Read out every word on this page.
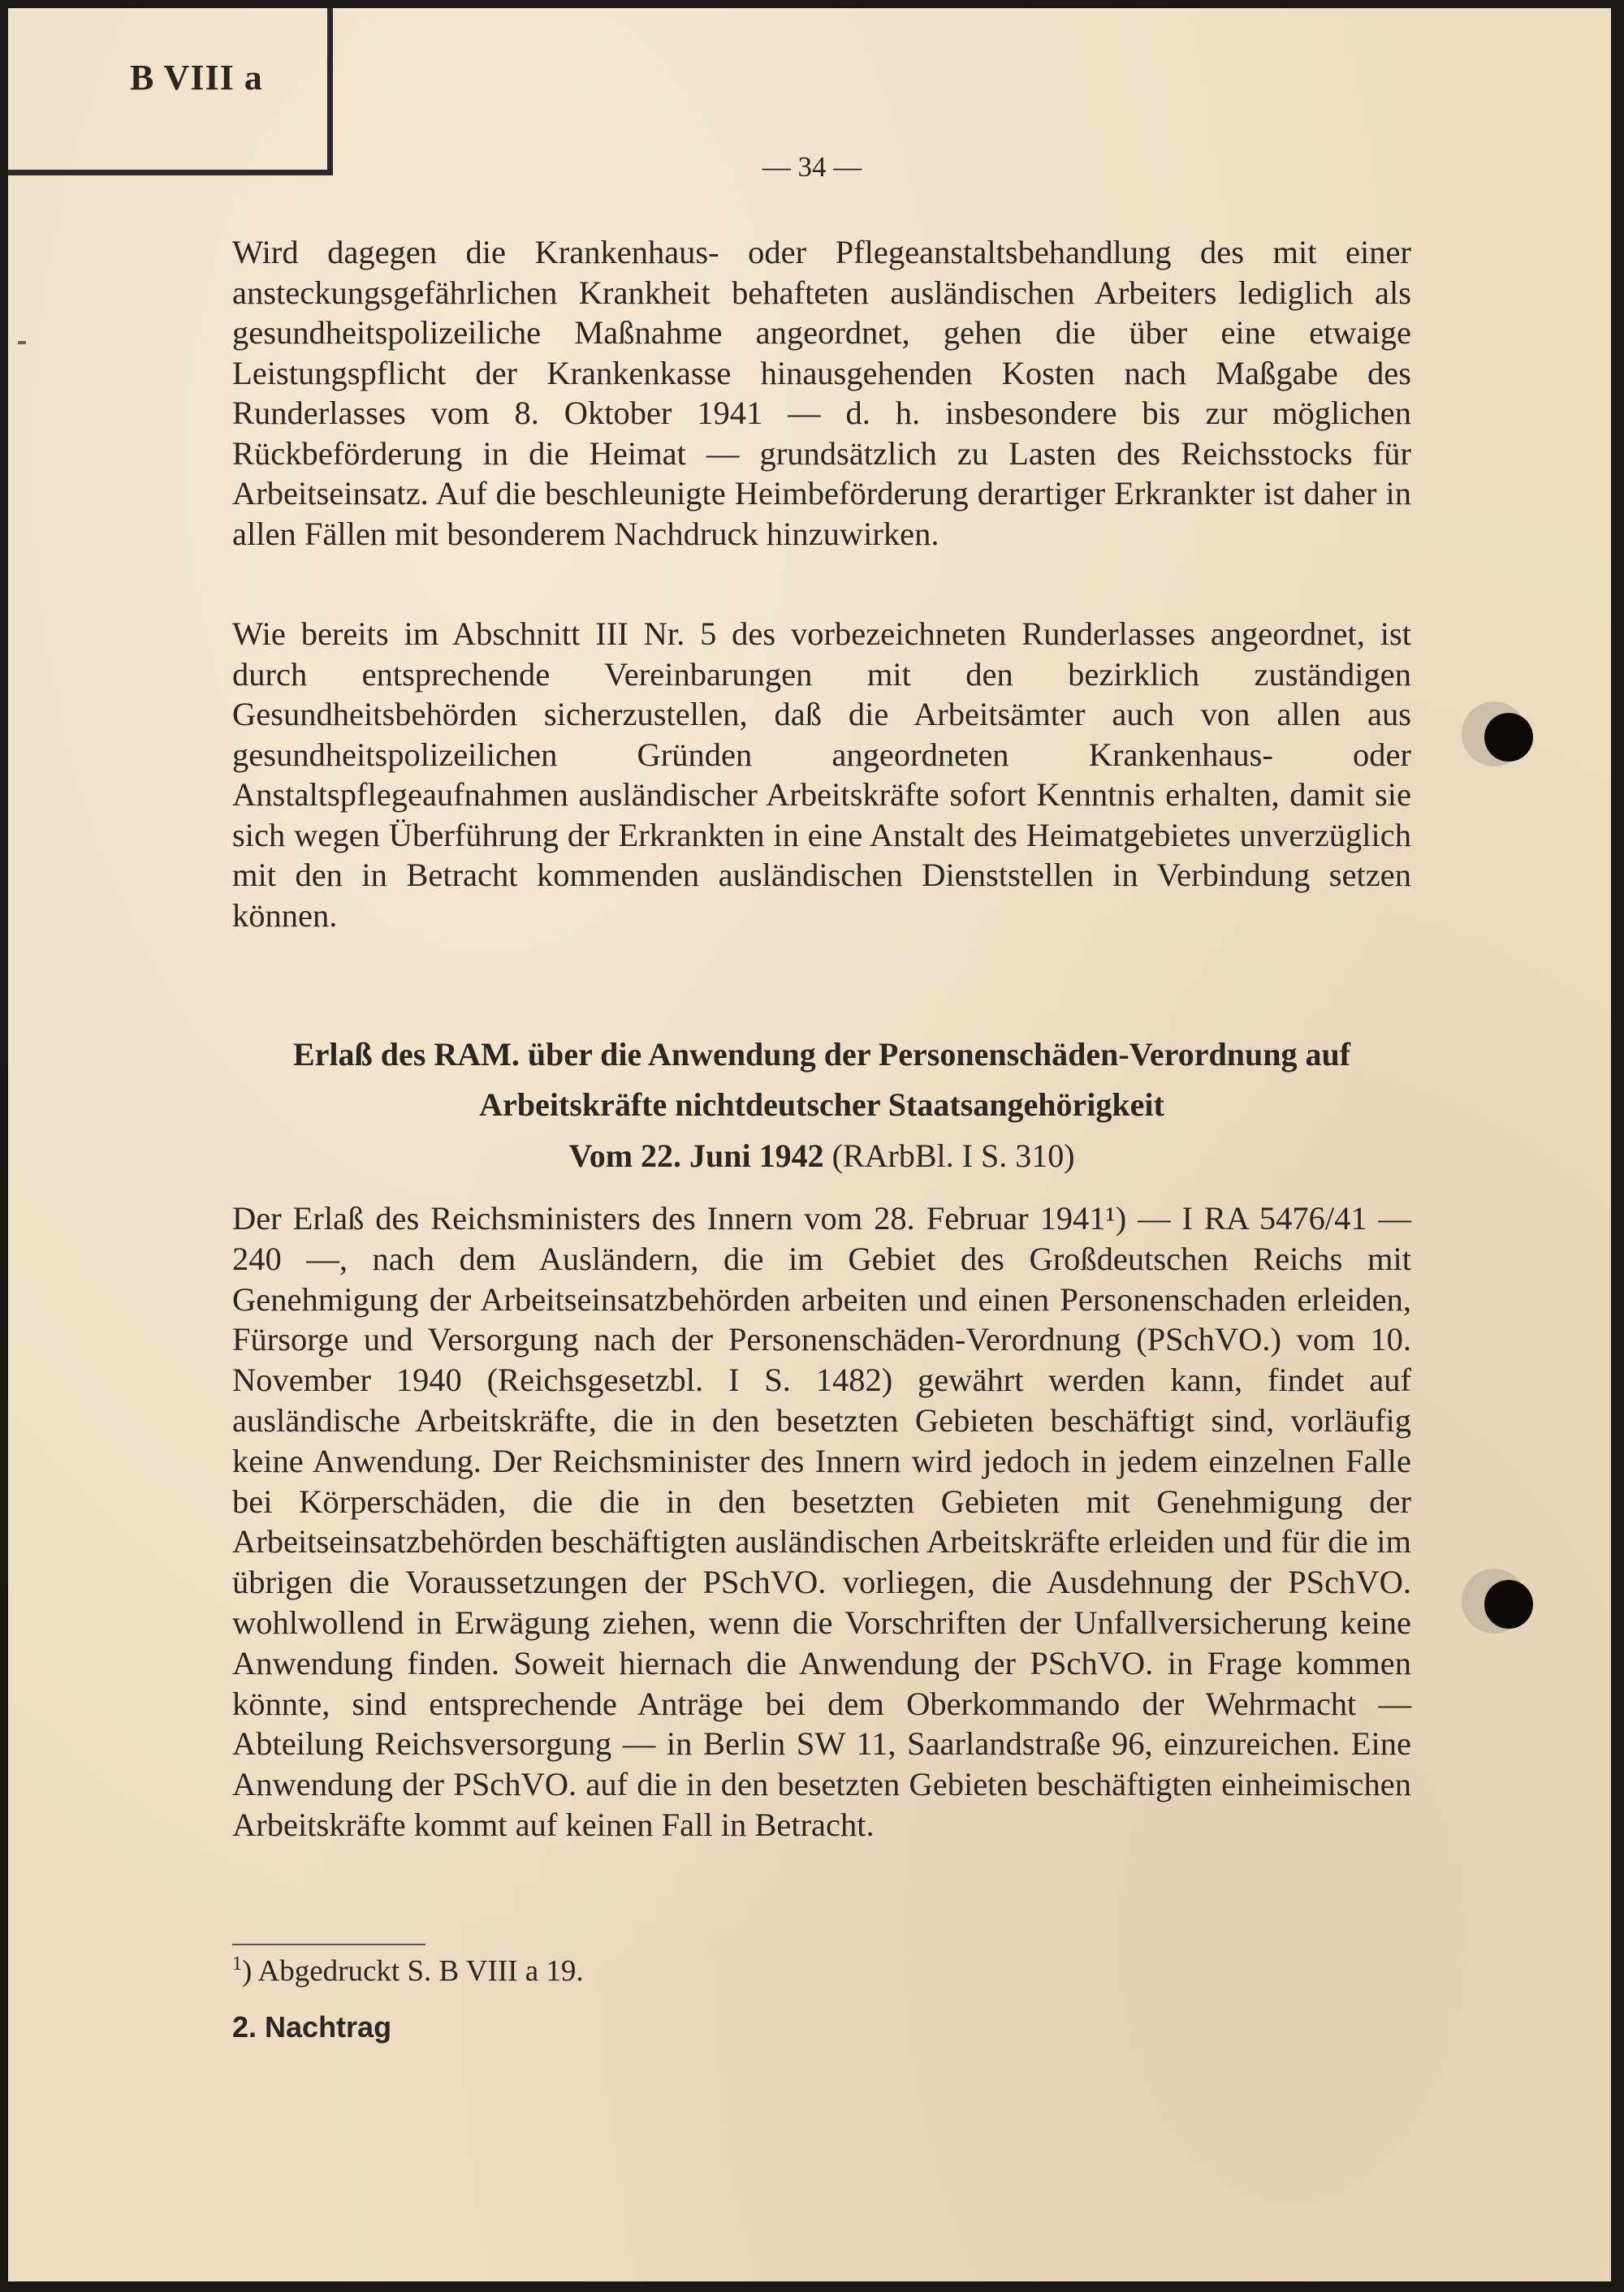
B VIII a
— 34 —

Wird dagegen die Krankenhaus- oder Pflegeanstaltsbehandlung des mit einer ansteckungsgefährlichen Krankheit behafteten ausländischen Arbeiters lediglich als gesundheitspolizeiliche Maßnahme angeordnet, gehen die über eine etwaige Leistungspflicht der Krankenkasse hinausgehenden Kosten nach Maßgabe des Runderlasses vom 8. Oktober 1941 — d. h. insbesondere bis zur möglichen Rückbeförderung in die Heimat — grundsätzlich zu Lasten des Reichsstocks für Arbeitseinsatz. Auf die beschleunigte Heimbeförderung derartiger Erkrankter ist daher in allen Fällen mit besonderem Nachdruck hinzuwirken.

Wie bereits im Abschnitt III Nr. 5 des vorbezeichneten Runderlasses angeordnet, ist durch entsprechende Vereinbarungen mit den bezirklich zuständigen Gesundheitsbehörden sicherzustellen, daß die Arbeitsämter auch von allen aus gesundheitspolizeilichen Gründen angeordneten Krankenhaus- oder Anstaltspflegeaufnahmen ausländischer Arbeitskräfte sofort Kenntnis erhalten, damit sie sich wegen Überführung der Erkrankten in eine Anstalt des Heimatgebietes unverzüglich mit den in Betracht kommenden ausländischen Dienststellen in Verbindung setzen können.

Erlaß des RAM. über die Anwendung der Personenschäden-Verordnung auf Arbeitskräfte nichtdeutscher Staatsangehörigkeit
Vom 22. Juni 1942 (RArbBl. I S. 310)

Der Erlaß des Reichsministers des Innern vom 28. Februar 1941¹) — I RA 5476/41 — 240 —, nach dem Ausländern, die im Gebiet des Großdeutschen Reichs mit Genehmigung der Arbeitseinsatzbehörden arbeiten und einen Personenschaden erleiden, Fürsorge und Versorgung nach der Personenschäden-Verordnung (PSchVO.) vom 10. November 1940 (Reichsgesetzbl. I S. 1482) gewährt werden kann, findet auf ausländische Arbeitskräfte, die in den besetzten Gebieten beschäftigt sind, vorläufig keine Anwendung. Der Reichsminister des Innern wird jedoch in jedem einzelnen Falle bei Körperschäden, die die in den besetzten Gebieten mit Genehmigung der Arbeitseinsatzbehörden beschäftigten ausländischen Arbeitskräfte erleiden und für die im übrigen die Voraussetzungen der PSchVO. vorliegen, die Ausdehnung der PSchVO. wohlwollend in Erwägung ziehen, wenn die Vorschriften der Unfallversicherung keine Anwendung finden. Soweit hiernach die Anwendung der PSchVO. in Frage kommen könnte, sind entsprechende Anträge bei dem Oberkommando der Wehrmacht — Abteilung Reichsversorgung — in Berlin SW 11, Saarlandstraße 96, einzureichen. Eine Anwendung der PSchVO. auf die in den besetzten Gebieten beschäftigten einheimischen Arbeitskräfte kommt auf keinen Fall in Betracht.

$^1$) Abgedruckt S. B VIII a 19.
2. Nachtrag
